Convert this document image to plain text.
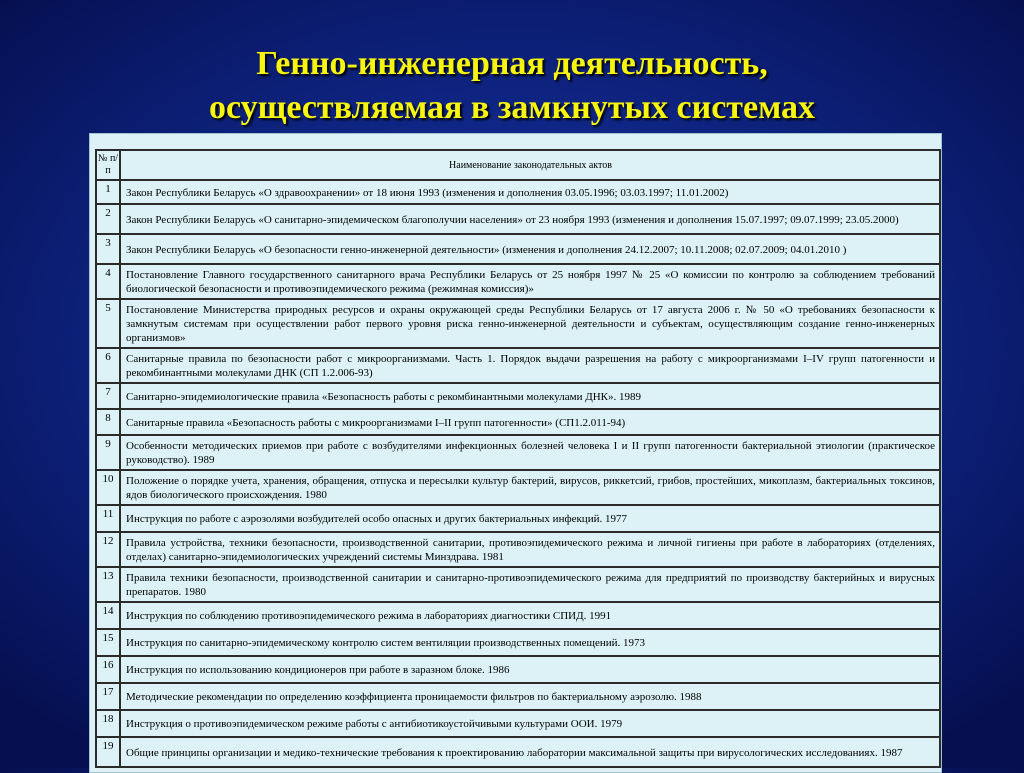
Генно-инженерная деятельность,
осуществляемая в замкнутых системах
№ п/п	Наименование законодательных актов
1	Закон Республики Беларусь «О здравоохранении» от 18 июня 1993 (изменения и дополнения 03.05.1996; 03.03.1997; 11.01.2002)
2	Закон Республики Беларусь «О санитарно-эпидемическом благополучии населения» от 23 ноября 1993 (изменения и дополнения 15.07.1997; 09.07.1999; 23.05.2000)
3	Закон Республики Беларусь «О безопасности генно-инженерной деятельности» (изменения и дополнения 24.12.2007; 10.11.2008; 02.07.2009; 04.01.2010 )
4	Постановление Главного государственного санитарного врача Республики Беларусь от 25 ноября 1997 № 25 «О комиссии по контролю за соблюдением требований биологической безопасности и противоэпидемического режима (режимная комиссия)»
5	Постановление Министерства природных ресурсов и охраны окружающей среды Республики Беларусь от 17 августа 2006 г. № 50 «О требованиях безопасности к замкнутым системам при осуществлении работ первого уровня риска генно-инженерной деятельности и субъектам, осуществляющим создание генно-инженерных организмов»
6	Санитарные правила по безопасности работ с микроорганизмами. Часть 1. Порядок выдачи разрешения на работу с микроорганизмами I–IV групп патогенности и рекомбинантными молекулами ДНК (СП 1.2.006-93)
7	Санитарно-эпидемиологические правила «Безопасность работы с рекомбинантными молекулами ДНК». 1989
8	Санитарные правила «Безопасность работы с микроорганизмами I–II групп патогенности» (СП1.2.011-94)
9	Особенности методических приемов при работе с возбудителями инфекционных болезней человека I и II групп патогенности бактериальной этиологии (практическое руководство). 1989
10	Положение о порядке учета, хранения, обращения, отпуска и пересылки культур бактерий, вирусов, риккетсий, грибов, простейших, микоплазм, бактериальных токсинов, ядов биологического происхождения. 1980
11	Инструкция по работе с аэрозолями возбудителей особо опасных и других бактериальных инфекций. 1977
12	Правила устройства, техники безопасности, производственной санитарии, противоэпидемического режима и личной гигиены при работе в лабораториях (отделениях, отделах) санитарно-эпидемиологических учреждений системы Минздрава. 1981
13	Правила техники безопасности, производственной санитарии и санитарно-противоэпидемического режима для предприятий по производству бактерийных и вирусных препаратов. 1980
14	Инструкция по соблюдению противоэпидемического режима в лабораториях диагностики СПИД. 1991
15	Инструкция по санитарно-эпидемическому контролю систем вентиляции производственных помещений. 1973
16	Инструкция по использованию кондиционеров при работе в заразном блоке. 1986
17	Методические рекомендации по определению коэффициента проницаемости фильтров по бактериальному аэрозолю. 1988
18	Инструкция о противоэпидемическом режиме работы с антибиотикоустойчивыми культурами ООИ. 1979
19	Общие принципы организации и медико-технические требования к проектированию лаборатории максимальной защиты при вирусологических исследованиях. 1987
